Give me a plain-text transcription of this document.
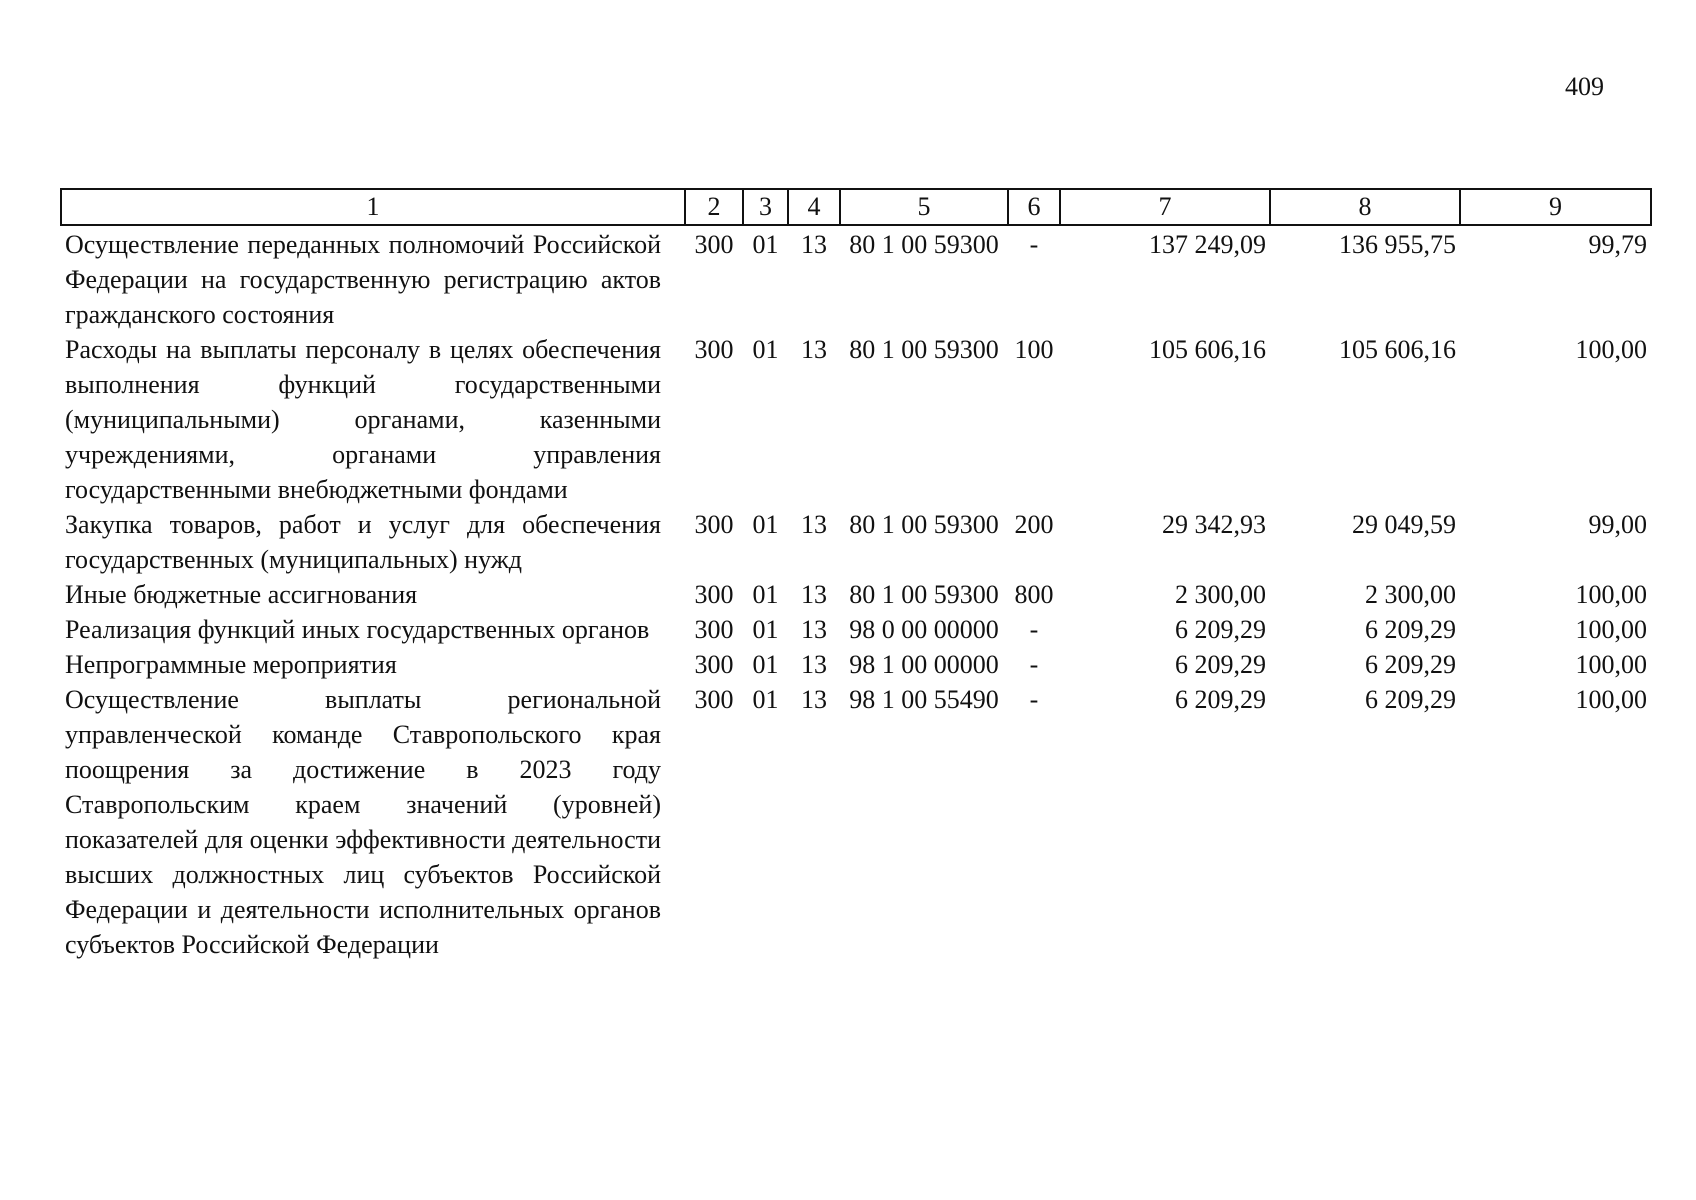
409
1	2	3	4	5	6	7	8	9
Осуществление переданных полномочий Российской Федерации на государственную регистрацию актов гражданского состояния	300	01	13	80 1 00 59300	-	137 249,09	136 955,75	99,79
Расходы на выплаты персоналу в целях обеспечения выполнения функций государственными (муниципальными) органами, казенными учреждениями, органами управления государственными внебюджетными фондами	300	01	13	80 1 00 59300	100	105 606,16	105 606,16	100,00
Закупка товаров, работ и услуг для обеспечения государственных (муниципальных) нужд	300	01	13	80 1 00 59300	200	29 342,93	29 049,59	99,00
Иные бюджетные ассигнования	300	01	13	80 1 00 59300	800	2 300,00	2 300,00	100,00
Реализация функций иных государственных органов	300	01	13	98 0 00 00000	-	6 209,29	6 209,29	100,00
Непрограммные мероприятия	300	01	13	98 1 00 00000	-	6 209,29	6 209,29	100,00
Осуществление выплаты региональной управленческой команде Ставропольского края поощрения за достижение в 2023 году Ставропольским краем значений (уровней) показателей для оценки эффективности деятельности высших должностных лиц субъектов Российской Федерации и деятельности исполнительных органов субъектов Российской Федерации	300	01	13	98 1 00 55490	-	6 209,29	6 209,29	100,00
